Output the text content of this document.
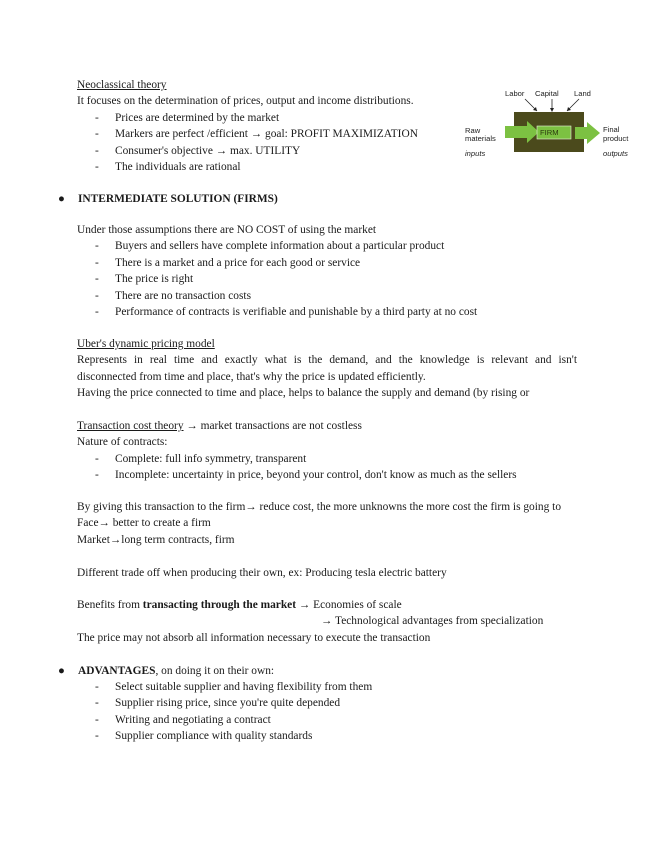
Neoclassical theory

It focuses on the determination of prices, output and income distributions.

- Prices are determined by the market
- Markers are perfect /efficient → goal: PROFIT MAXIMIZATION
- Consumer's objective → max. UTILITY
- The individuals are rational
Labor Capital Land
FIRM
Raw
materials
inputs
Final
product
outputs
● INTERMEDIATE SOLUTION (FIRMS)

Under those assumptions there are NO COST of using the market

- Buyers and sellers have complete information about a particular product
- There is a market and a price for each good or service
- The price is right
- There are no transaction costs
- Performance of contracts is verifiable and punishable by a third party at no cost

Uber's dynamic pricing model

Represents in real time and exactly what is the demand, and the knowledge is relevant and isn't

disconnected from time and place, that's why the price is updated efficiently.

Having the price connected to time and place, helps to balance the supply and demand (by rising or

Transaction cost theory → market transactions are not costless

Nature of contracts:

- Complete: full info symmetry, transparent
- Incomplete: uncertainty in price, beyond your control, don't know as much as the sellers

By giving this transaction to the firm→ reduce cost, the more unknowns the more cost the firm is going to

Face→ better to create a firm

Market→long term contracts, firm

Different trade off when producing their own, ex: Producing tesla electric battery

Benefits from transacting through the market → Economies of scale

→ Technological advantages from specialization

The price may not absorb all information necessary to execute the transaction

● ADVANTAGES, on doing it on their own:
- Select suitable supplier and having flexibility from them
- Supplier rising price, since you're quite depended
- Writing and negotiating a contract
- Supplier compliance with quality standards
